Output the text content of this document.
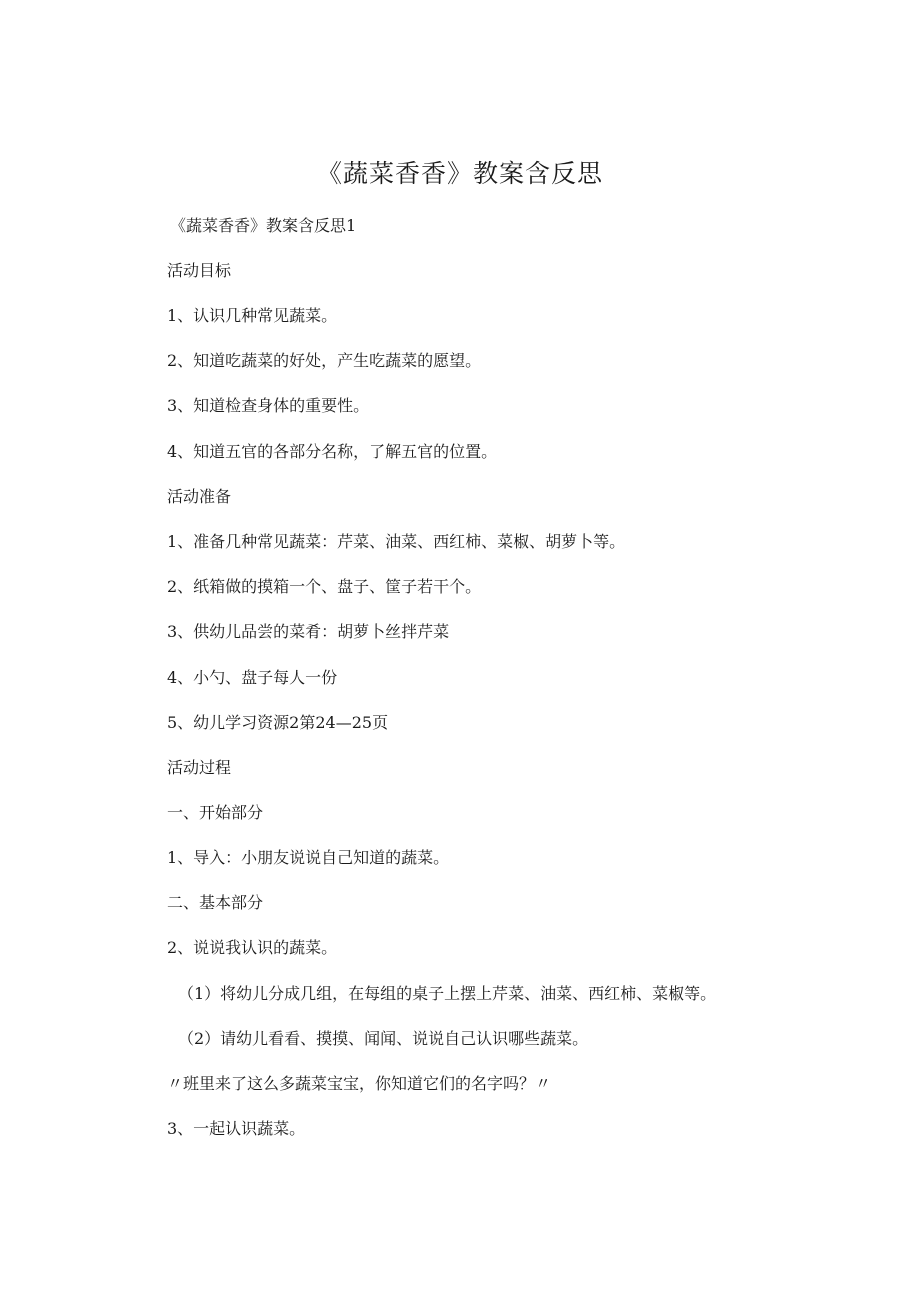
《蔬菜香香》教案含反思
《蔬菜香香》教案含反思1
活动目标
1、认识几种常见蔬菜。
2、知道吃蔬菜的好处，产生吃蔬菜的愿望。
3、知道检查身体的重要性。
4、知道五官的各部分名称，了解五官的位置。
活动准备
1、准备几种常见蔬菜：芹菜、油菜、西红柿、菜椒、胡萝卜等。
2、纸箱做的摸箱一个、盘子、筐子若干个。
3、供幼儿品尝的菜肴：胡萝卜丝拌芹菜
4、小勺、盘子每人一份
5、幼儿学习资源2第24—25页
活动过程
一、开始部分
1、导入：小朋友说说自己知道的蔬菜。
二、基本部分
2、说说我认识的蔬菜。
（1）将幼儿分成几组，在每组的桌子上摆上芹菜、油菜、西红柿、菜椒等。
（2）请幼儿看看、摸摸、闻闻、说说自己认识哪些蔬菜。
〃班里来了这么多蔬菜宝宝，你知道它们的名字吗？〃
3、一起认识蔬菜。
